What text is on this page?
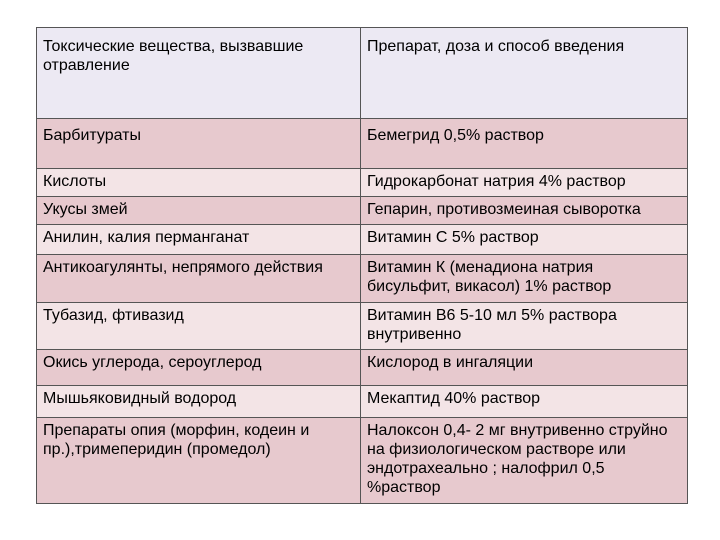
Токсические вещества, вызвавшие отравление	Препарат, доза и способ введения

Барбитураты	Бемегрид 0,5% раствор

Кислоты	Гидрокарбонат натрия 4% раствор

Укусы змей	Гепарин, противозмеиная сыворотка

Анилин, калия перманганат	Витамин С 5% раствор

Антикоагулянты, непрямого действия	Витамин К (менадиона натрия бисульфит, викасол) 1% раствор

Тубазид, фтивазид	Витамин В6 5-10 мл 5% раствора внутривенно

Окись углерода, сероуглерод	Кислород в ингаляции

Мышьяковидный водород	Мекаптид 40% раствор

Препараты опия (морфин, кодеин и пр.),тримеперидин (промедол)	Налоксон 0,4- 2 мг внутривенно струйно на физиологическом растворе или эндотрахеально ; налофрил 0,5 %раствор
